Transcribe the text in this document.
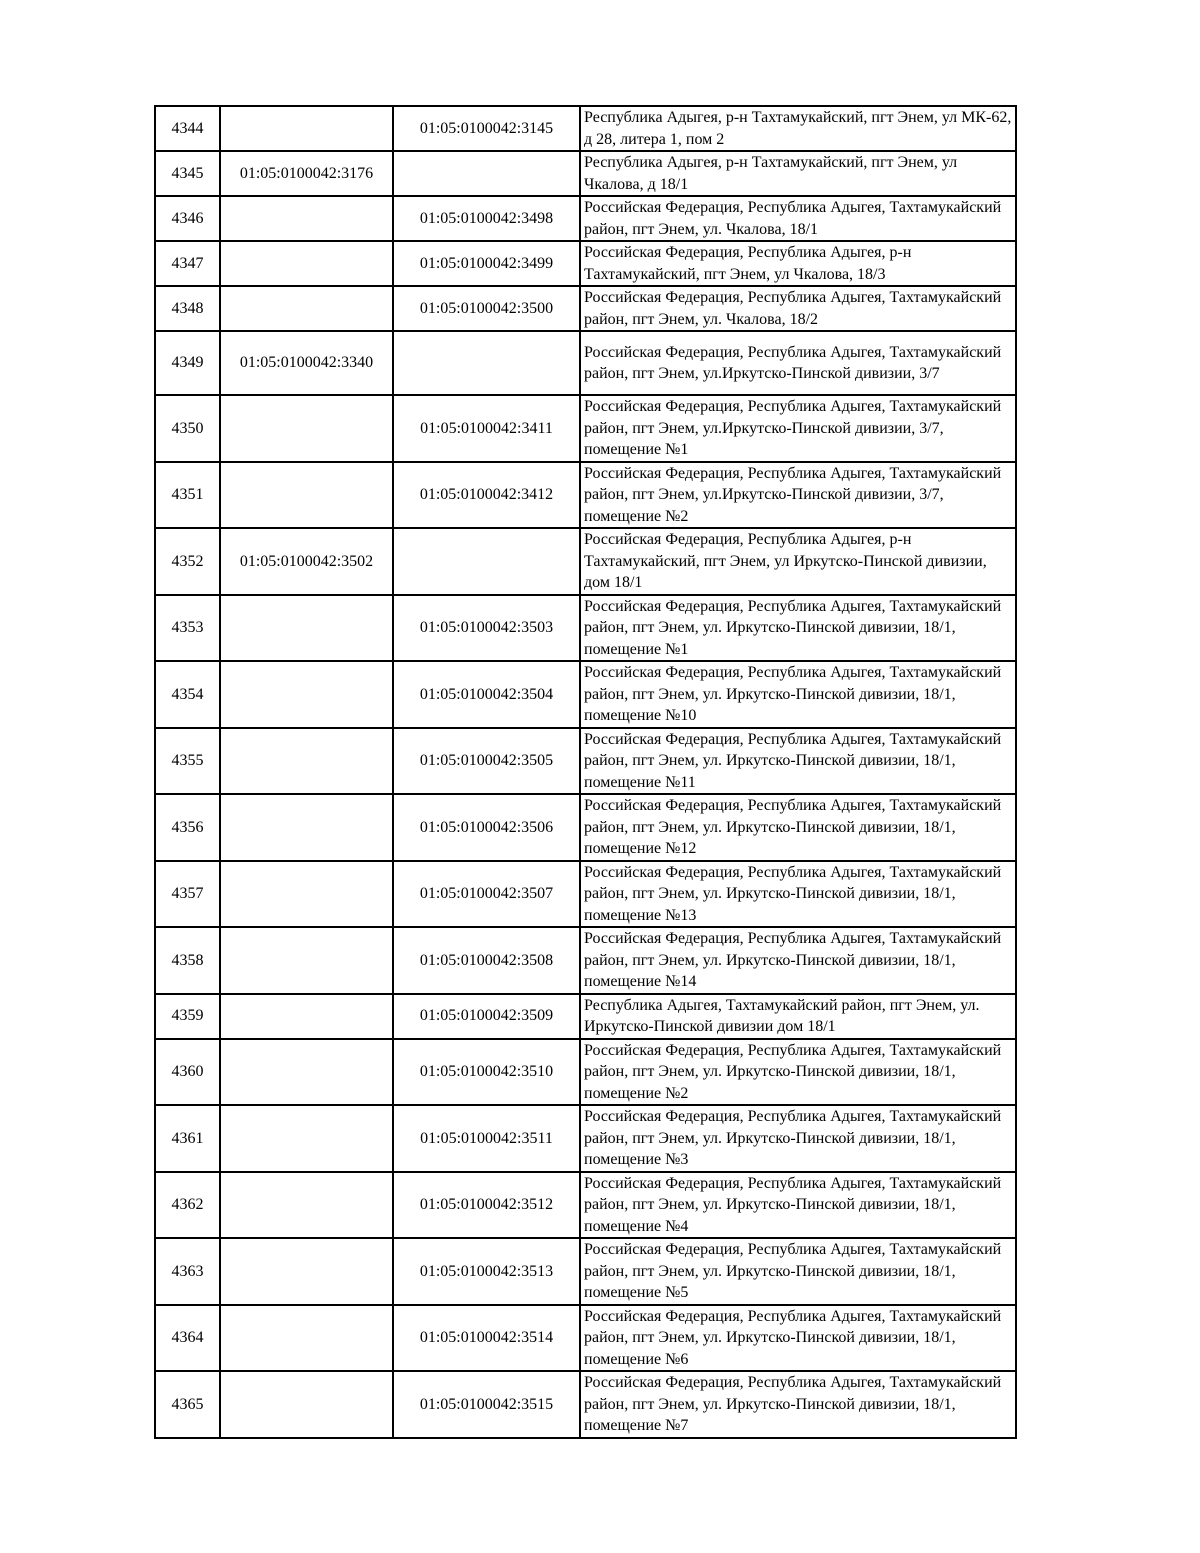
4344		01:05:0100042:3145	Республика Адыгея, р-н Тахтамукайский, пгт Энем, ул МК-62, д 28, литера 1, пом 2
4345	01:05:0100042:3176		Республика Адыгея, р-н Тахтамукайский, пгт Энем, ул Чкалова, д 18/1
4346		01:05:0100042:3498	Российская Федерация, Республика Адыгея, Тахтамукайский район, пгт Энем, ул. Чкалова, 18/1
4347		01:05:0100042:3499	Российская Федерация, Республика Адыгея, р-н Тахтамукайский, пгт Энем, ул Чкалова, 18/3
4348		01:05:0100042:3500	Российская Федерация, Республика Адыгея, Тахтамукайский район, пгт Энем, ул. Чкалова, 18/2
4349	01:05:0100042:3340		Российская Федерация, Республика Адыгея, Тахтамукайский район, пгт Энем, ул.Иркутско-Пинской дивизии, 3/7
4350		01:05:0100042:3411	Российская Федерация, Республика Адыгея, Тахтамукайский район, пгт Энем, ул.Иркутско-Пинской дивизии, 3/7, помещение №1
4351		01:05:0100042:3412	Российская Федерация, Республика Адыгея, Тахтамукайский район, пгт Энем, ул.Иркутско-Пинской дивизии, 3/7, помещение №2
4352	01:05:0100042:3502		Российская Федерация, Республика Адыгея, р-н Тахтамукайский, пгт Энем, ул Иркутско-Пинской дивизии, дом 18/1
4353		01:05:0100042:3503	Российская Федерация, Республика Адыгея, Тахтамукайский район, пгт Энем, ул. Иркутско-Пинской дивизии, 18/1, помещение №1
4354		01:05:0100042:3504	Российская Федерация, Республика Адыгея, Тахтамукайский район, пгт Энем, ул. Иркутско-Пинской дивизии, 18/1, помещение №10
4355		01:05:0100042:3505	Российская Федерация, Республика Адыгея, Тахтамукайский район, пгт Энем, ул. Иркутско-Пинской дивизии, 18/1, помещение №11
4356		01:05:0100042:3506	Российская Федерация, Республика Адыгея, Тахтамукайский район, пгт Энем, ул. Иркутско-Пинской дивизии, 18/1, помещение №12
4357		01:05:0100042:3507	Российская Федерация, Республика Адыгея, Тахтамукайский район, пгт Энем, ул. Иркутско-Пинской дивизии, 18/1, помещение №13
4358		01:05:0100042:3508	Российская Федерация, Республика Адыгея, Тахтамукайский район, пгт Энем, ул. Иркутско-Пинской дивизии, 18/1, помещение №14
4359		01:05:0100042:3509	Республика Адыгея, Тахтамукайский район, пгт Энем, ул. Иркутско-Пинской дивизии дом 18/1
4360		01:05:0100042:3510	Российская Федерация, Республика Адыгея, Тахтамукайский район, пгт Энем, ул. Иркутско-Пинской дивизии, 18/1, помещение №2
4361		01:05:0100042:3511	Российская Федерация, Республика Адыгея, Тахтамукайский район, пгт Энем, ул. Иркутско-Пинской дивизии, 18/1, помещение №3
4362		01:05:0100042:3512	Российская Федерация, Республика Адыгея, Тахтамукайский район, пгт Энем, ул. Иркутско-Пинской дивизии, 18/1, помещение №4
4363		01:05:0100042:3513	Российская Федерация, Республика Адыгея, Тахтамукайский район, пгт Энем, ул. Иркутско-Пинской дивизии, 18/1, помещение №5
4364		01:05:0100042:3514	Российская Федерация, Республика Адыгея, Тахтамукайский район, пгт Энем, ул. Иркутско-Пинской дивизии, 18/1, помещение №6
4365		01:05:0100042:3515	Российская Федерация, Республика Адыгея, Тахтамукайский район, пгт Энем, ул. Иркутско-Пинской дивизии, 18/1, помещение №7
